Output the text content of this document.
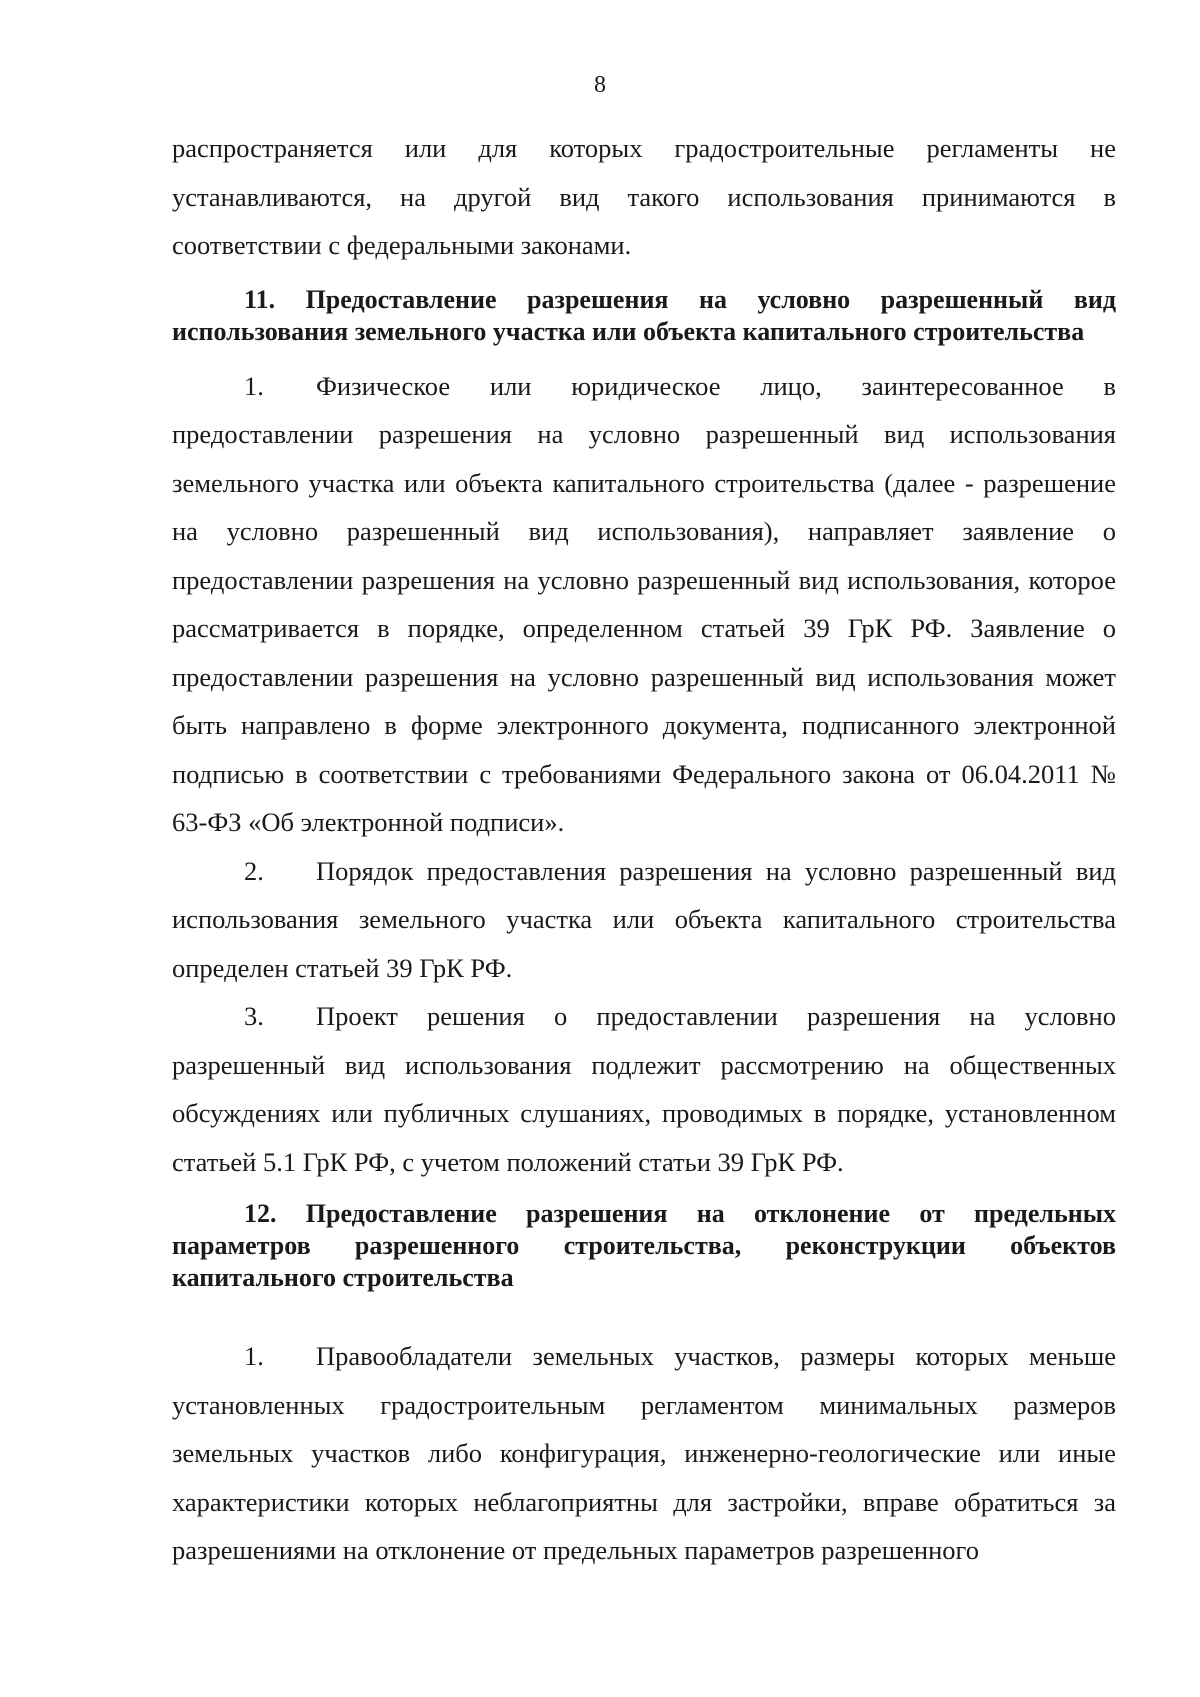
8

распространяется или для которых градостроительные регламенты не устанавливаются, на другой вид такого использования принимаются в соответствии с федеральными законами.

11. Предоставление разрешения на условно разрешенный вид использования земельного участка или объекта капитального строительства

1. Физическое или юридическое лицо, заинтересованное в предоставлении разрешения на условно разрешенный вид использования земельного участка или объекта капитального строительства (далее - разрешение на условно разрешенный вид использования), направляет заявление о предоставлении разрешения на условно разрешенный вид использования, которое рассматривается в порядке, определенном статьей 39 ГрК РФ. Заявление о предоставлении разрешения на условно разрешенный вид использования может быть направлено в форме электронного документа, подписанного электронной подписью в соответствии с требованиями Федерального закона от 06.04.2011 № 63-ФЗ «Об электронной подписи».

2. Порядок предоставления разрешения на условно разрешенный вид использования земельного участка или объекта капитального строительства определен статьей 39 ГрК РФ.

3. Проект решения о предоставлении разрешения на условно разрешенный вид использования подлежит рассмотрению на общественных обсуждениях или публичных слушаниях, проводимых в порядке, установленном статьей 5.1 ГрК РФ, с учетом положений статьи 39 ГрК РФ.

12. Предоставление разрешения на отклонение от предельных параметров разрешенного строительства, реконструкции объектов капитального строительства

1. Правообладатели земельных участков, размеры которых меньше установленных градостроительным регламентом минимальных размеров земельных участков либо конфигурация, инженерно-геологические или иные характеристики которых неблагоприятны для застройки, вправе обратиться за разрешениями на отклонение от предельных параметров разрешенного
